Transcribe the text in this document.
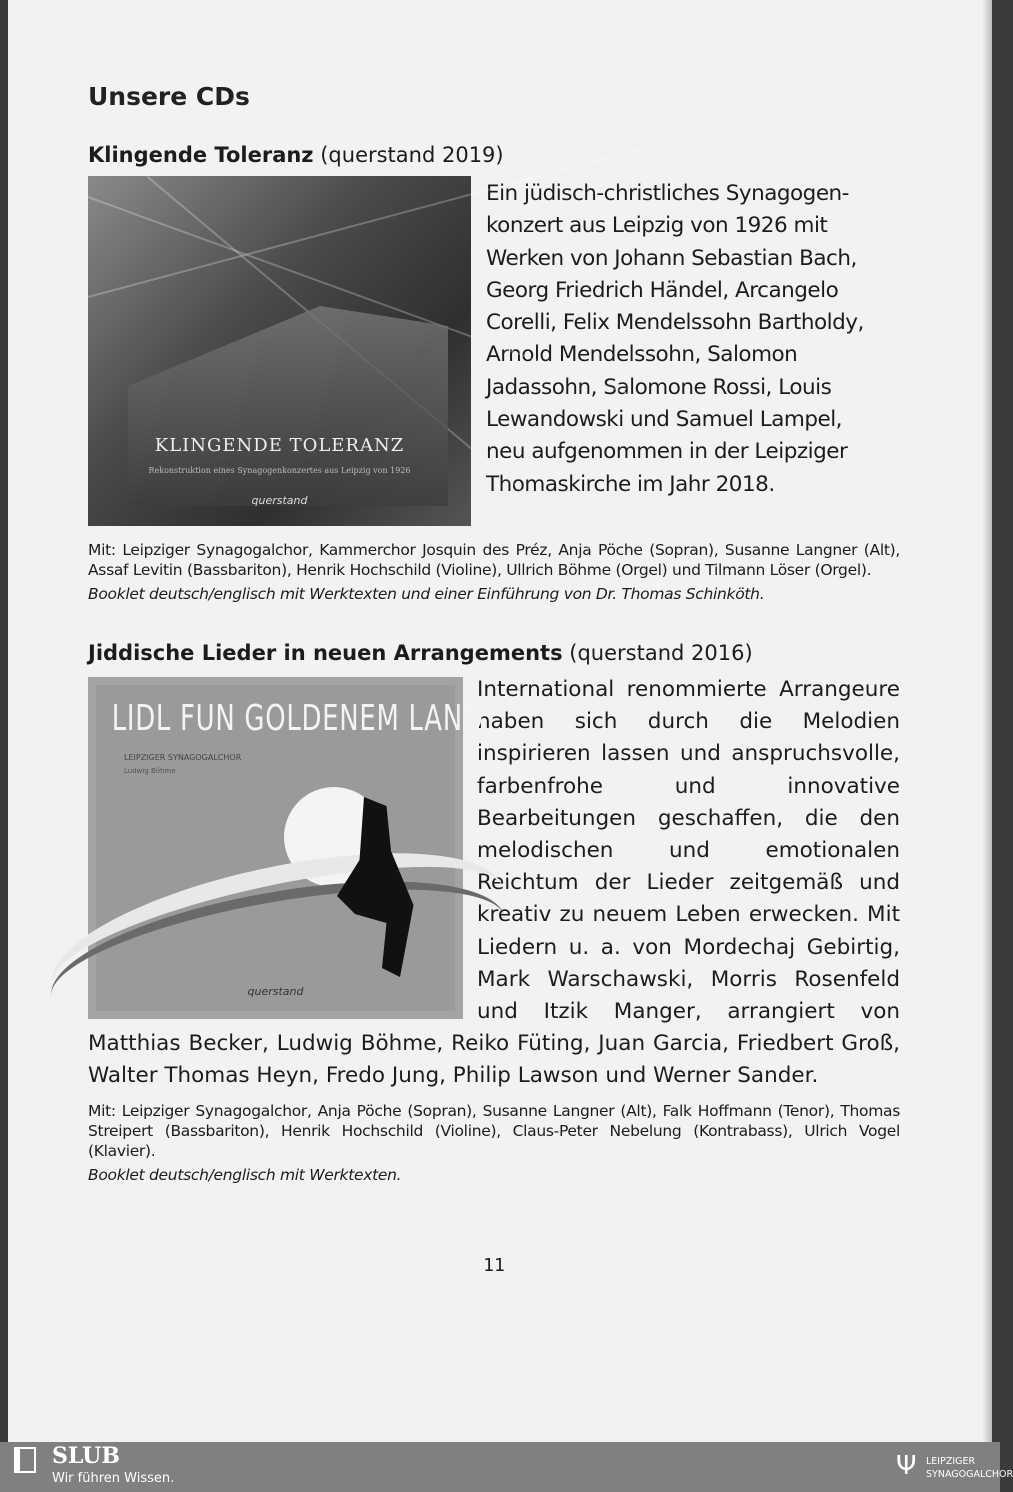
Unsere CDs
Klingende Toleranz (querstand 2019)
KLINGENDE TOLERANZ
Rekonstruktion eines Synagogenkonzertes aus Leipzig von 1926
querstand
Ein jüdisch-christliches Synagogen-
konzert aus Leipzig von 1926 mit
Werken von Johann Sebastian Bach,
Georg Friedrich Händel, Arcangelo
Corelli, Felix Mendelssohn Bartholdy,
Arnold Mendelssohn, Salomon
Jadassohn, Salomone Rossi, Louis
Lewandowski und Samuel Lampel,
neu aufgenommen in der Leipziger
Thomaskirche im Jahr 2018.
Mit: Leipziger Synagogalchor, Kammerchor Josquin des Préz, Anja Pöche (Sopran), Susanne Langner (Alt), Assaf Levitin (Bassbariton), Henrik Hochschild (Violine), Ullrich Böhme (Orgel) und Tilmann Löser (Orgel).
Booklet deutsch/englisch mit Werktexten und einer Einführung von Dr. Thomas Schinköth.
Jiddische Lieder in neuen Arrangements (querstand 2016)
LIDL FUN GOLDENEM LAND
LEIPZIGER SYNAGOGALCHOR
Ludwig Böhme
querstand
International renommierte Arrangeure haben sich durch die Melodien inspirieren lassen und anspruchsvolle, farbenfrohe und innovative Bearbeitungen geschaffen, die den melodischen und emotionalen Reichtum der Lieder zeitgemäß und kreativ zu neuem Leben erwecken. Mit Liedern u. a. von Mordechaj Gebirtig, Mark Warschawski, Morris Rosenfeld und Itzik Manger, arrangiert von Matthias Becker, Ludwig Böhme, Reiko Füting, Juan Garcia, Friedbert Groß, Walter Thomas Heyn, Fredo Jung, Philip Lawson und Werner Sander.
Mit: Leipziger Synagogalchor, Anja Pöche (Sopran), Susanne Langner (Alt), Falk Hoffmann (Tenor), Thomas Streipert (Bassbariton), Henrik Hochschild (Violine), Claus-Peter Nebelung (Kontrabass), Ulrich Vogel (Klavier).
Booklet deutsch/englisch mit Werktexten.
11
SLUB
Wir führen Wissen.	Ψ LEIPZIGER
SYNAGOGALCHOR
